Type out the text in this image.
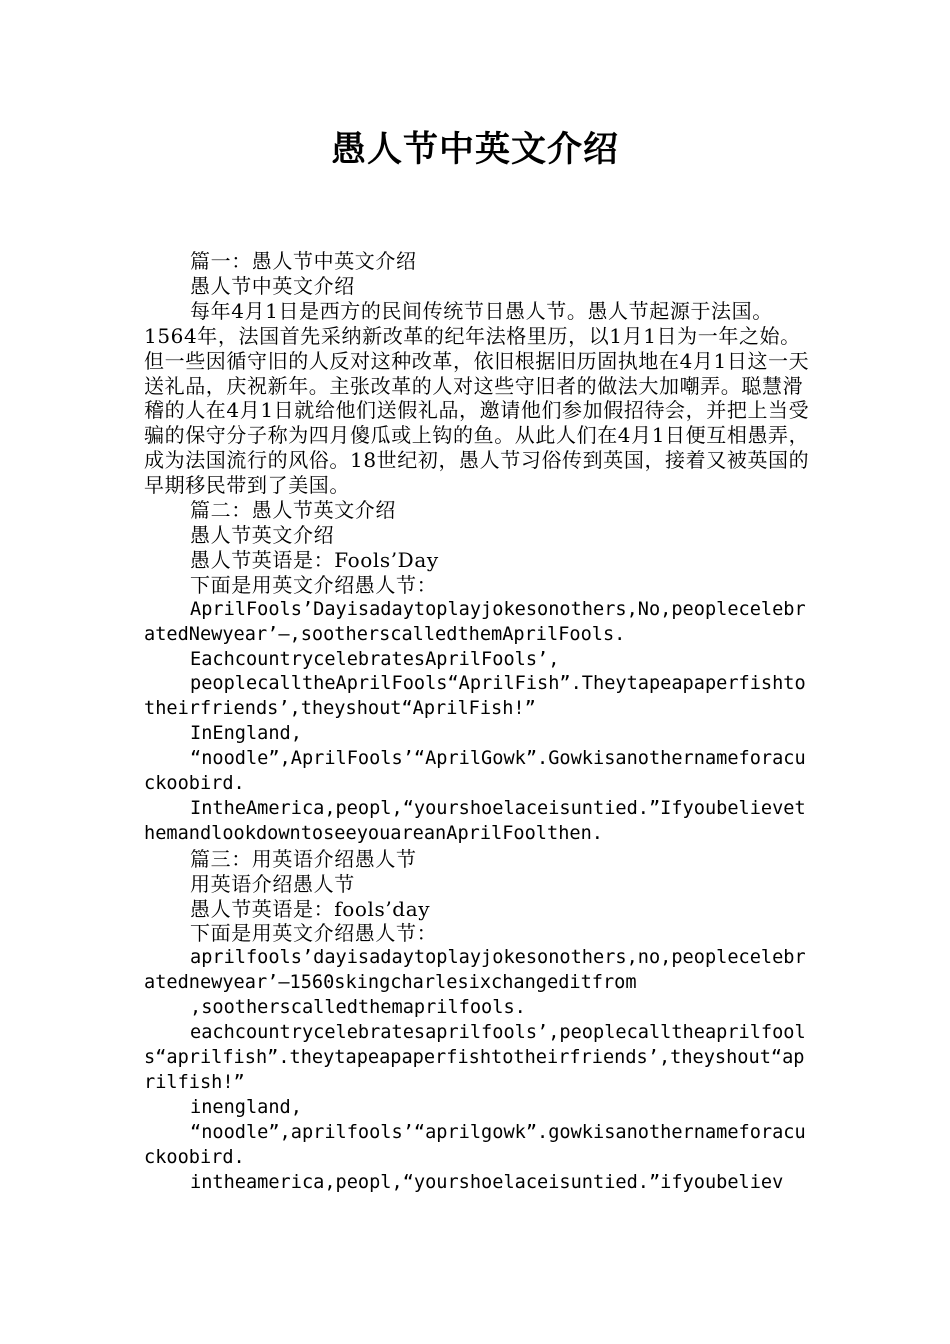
愚人节中英文介绍

篇一：愚人节中英文介绍

愚人节中英文介绍

每年4月1日是西方的民间传统节日愚人节。愚人节起源于法国。1564年，法国首先采纳新改革的纪年法格里历，以1月1日为一年之始。但一些因循守旧的人反对这种改革，依旧根据旧历固执地在4月1日这一天送礼品，庆祝新年。主张改革的人对这些守旧者的做法大加嘲弄。聪慧滑稽的人在4月1日就给他们送假礼品，邀请他们参加假招待会，并把上当受骗的保守分子称为四月傻瓜或上钩的鱼。从此人们在4月1日便互相愚弄，成为法国流行的风俗。18世纪初，愚人节习俗传到英国，接着又被英国的早期移民带到了美国。

篇二：愚人节英文介绍

愚人节英文介绍

愚人节英语是：Fools’Day

下面是用英文介绍愚人节：

AprilFools’Dayisadaytoplayjokesonothers,No,peoplecelebratedNewyear’—,sootherscalledthemAprilFools.

EachcountrycelebratesAprilFools’,

peoplecalltheAprilFools“AprilFish”.Theytapeapaperfishtotheirfriends’,theyshout“AprilFish!”

InEngland,

“noodle”,AprilFools’“AprilGowk”.Gowkisanothernameforacuckoobird.

IntheAmerica,peopl,“yourshoelaceisuntied.”IfyoubelievethemandlookdowntoseeyouareanAprilFoolthen.

篇三：用英语介绍愚人节

用英语介绍愚人节

愚人节英语是：fools’day

下面是用英文介绍愚人节：

aprilfools’dayisadaytoplayjokesonothers,no,peoplecelebratednewyear’—1560skingcharlesixchangeditfrom

,sootherscalledthemaprilfools.

eachcountrycelebratesaprilfools’,peoplecalltheaprilfools“aprilfish”.theytapeapaperfishtotheirfriends’,theyshout“aprilfish!”

inengland,

“noodle”,aprilfools’“aprilgowk”.gowkisanothernameforacuckoobird.

intheamerica,peopl,“yourshoelaceisuntied.”ifyoubeliev
